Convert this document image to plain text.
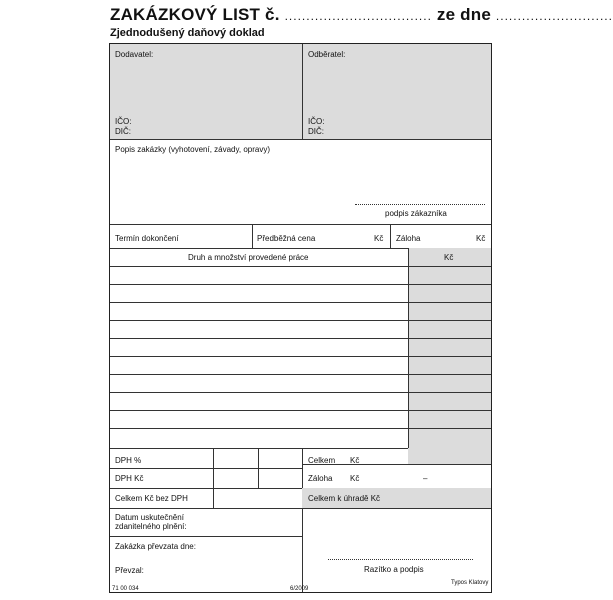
ZAKÁZKOVÝ LIST č. .................................. ze dne ...........................
Zjednodušený daňový doklad
Dodavatel:	Odběratel:
IČO:
DIČ:
IČO:
DIČ:
Popis zakázky (vyhotovení, závady, opravy)
podpis zákazníka
Termín dokončení	Předběžná cena	Kč Záloha	Kč
Druh a množství provedené práce	Kč
DPH %	Celkem Kč
DPH Kč	Záloha Kč	–
Celkem Kč bez DPH	Celkem k úhradě Kč
Datum uskutečnění
zdanitelného plnění:
Zakázka převzata dne:
Převzal:	Razítko a podpis
71 00 034	6/2009
Typos Klatovy
